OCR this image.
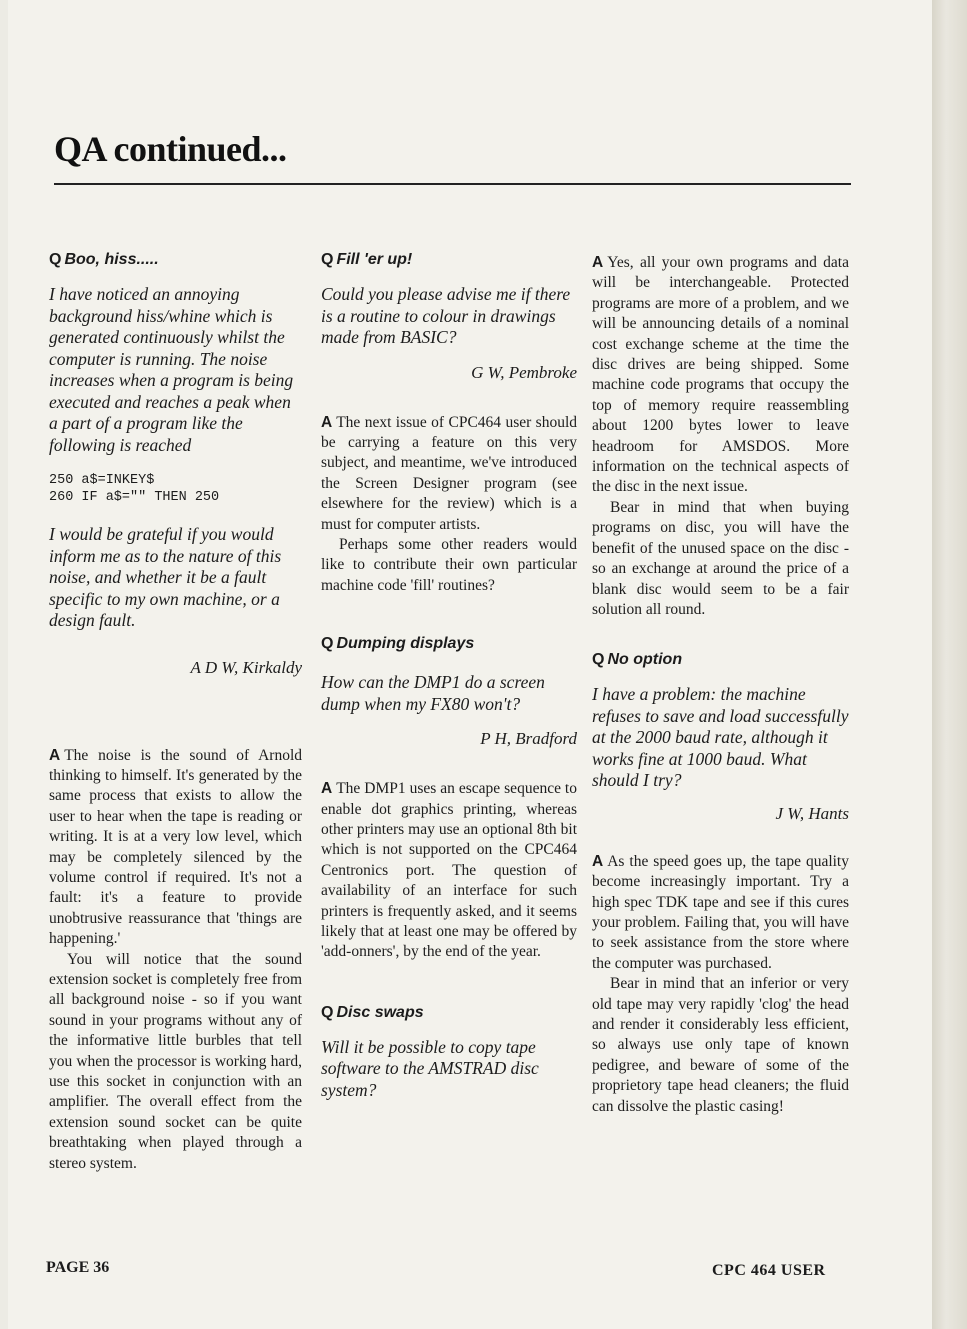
QA continued...

Q Boo, hiss.....

I have noticed an annoying background hiss/whine which is generated continuously whilst the computer is running. The noise increases when a program is being executed and reaches a peak when a part of a program like the following is reached

250 a$=INKEY$
260 IF a$="" THEN 250

I would be grateful if you would inform me as to the nature of this noise, and whether it be a fault specific to my own machine, or a design fault.

A D W, Kirkaldy

A The noise is the sound of Arnold thinking to himself. It's generated by the same process that exists to allow the user to hear when the tape is reading or writing. It is at a very low level, which may be completely silenced by the volume control if required. It's not a fault: it's a feature to provide unobtrusive reassurance that 'things are happening.'

You will notice that the sound extension socket is completely free from all background noise - so if you want sound in your programs without any of the informative little burbles that tell you when the processor is working hard, use this socket in conjunction with an amplifier. The overall effect from the extension sound socket can be quite breathtaking when played through a stereo system.

Q Fill 'er up!

Could you please advise me if there is a routine to colour in drawings made from BASIC?

G W, Pembroke

A The next issue of CPC464 user should be carrying a feature on this very subject, and meantime, we've introduced the Screen Designer program (see elsewhere for the review) which is a must for computer artists.

Perhaps some other readers would like to contribute their own particular machine code 'fill' routines?

Q Dumping displays

How can the DMP1 do a screen dump when my FX80 won't?

P H, Bradford

A The DMP1 uses an escape sequence to enable dot graphics printing, whereas other printers may use an optional 8th bit which is not supported on the CPC464 Centronics port. The question of availability of an interface for such printers is frequently asked, and it seems likely that at least one may be offered by 'add-onners', by the end of the year.

Q Disc swaps

Will it be possible to copy tape software to the AMSTRAD disc system?

A Yes, all your own programs and data will be interchangeable. Protected programs are more of a problem, and we will be announcing details of a nominal cost exchange scheme at the time the disc drives are being shipped. Some machine code programs that occupy the top of memory require reassembling about 1200 bytes lower to leave headroom for AMSDOS. More information on the technical aspects of the disc in the next issue.

Bear in mind that when buying programs on disc, you will have the benefit of the unused space on the disc - so an exchange at around the price of a blank disc would seem to be a fair solution all round.

Q No option

I have a problem: the machine refuses to save and load successfully at the 2000 baud rate, although it works fine at 1000 baud. What should I try?

J W, Hants

A As the speed goes up, the tape quality become increasingly important. Try a high spec TDK tape and see if this cures your problem. Failing that, you will have to seek assistance from the store where the computer was purchased.

Bear in mind that an inferior or very old tape may very rapidly 'clog' the head and render it considerably less efficient, so always use only tape of known pedigree, and beware of some of the proprietory tape head cleaners; the fluid can dissolve the plastic casing!

PAGE 36	CPC 464 USER
